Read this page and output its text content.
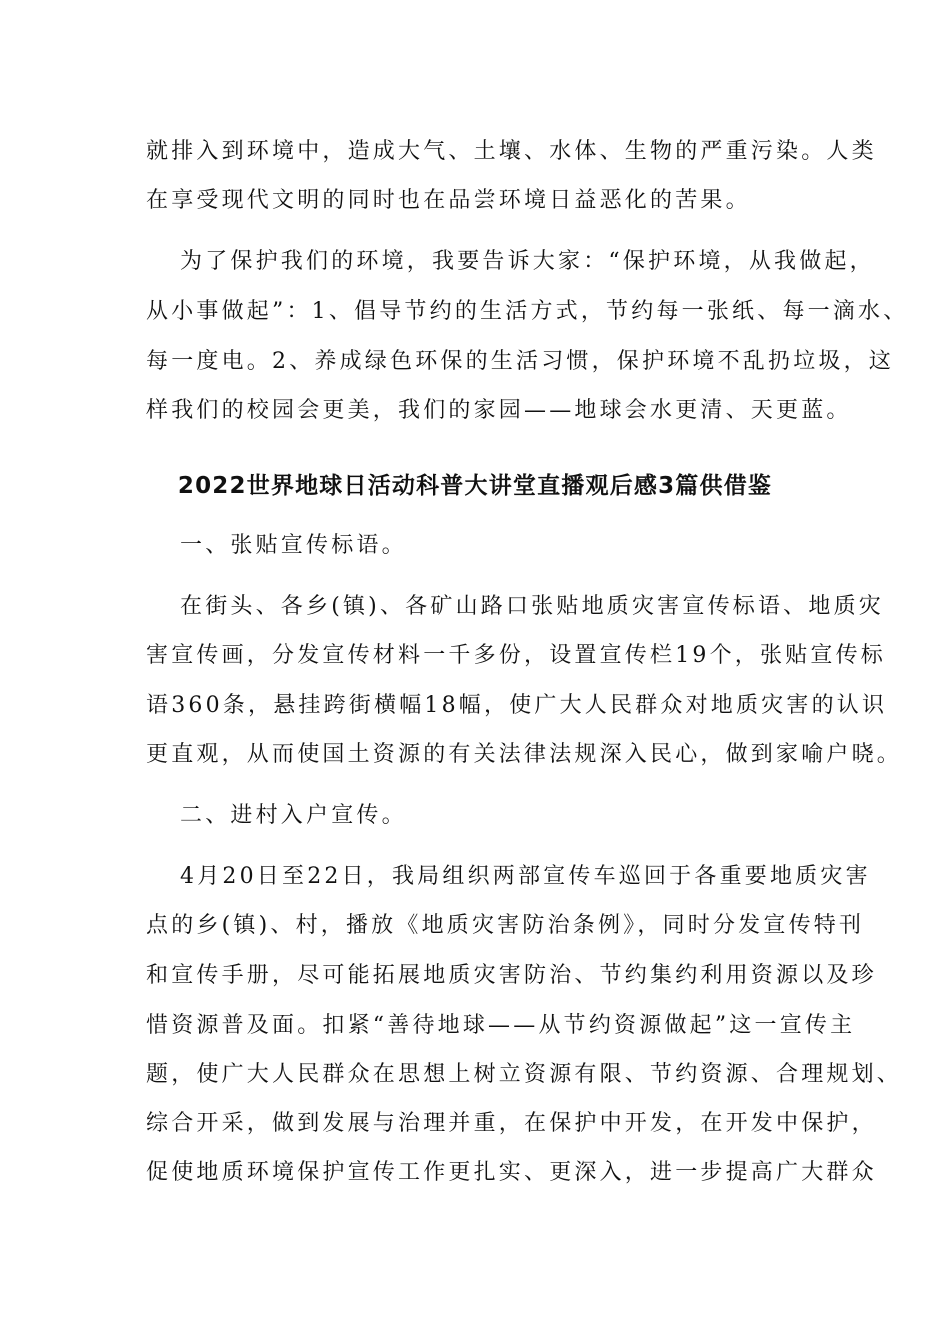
就排入到环境中，造成大气、土壤、水体、生物的严重污染。人类
在享受现代文明的同时也在品尝环境日益恶化的苦果。
为了保护我们的环境，我要告诉大家：“保护环境，从我做起，
从小事做起”：1、倡导节约的生活方式，节约每一张纸、每一滴水、
每一度电。2、养成绿色环保的生活习惯，保护环境不乱扔垃圾，这
样我们的校园会更美，我们的家园——地球会水更清、天更蓝。
2022世界地球日活动科普大讲堂直播观后感3篇供借鉴
一、张贴宣传标语。
在街头、各乡(镇)、各矿山路口张贴地质灾害宣传标语、地质灾
害宣传画，分发宣传材料一千多份，设置宣传栏19个，张贴宣传标
语360条，悬挂跨街横幅18幅，使广大人民群众对地质灾害的认识
更直观，从而使国土资源的有关法律法规深入民心，做到家喻户晓。
二、进村入户宣传。
4月20日至22日，我局组织两部宣传车巡回于各重要地质灾害
点的乡(镇)、村，播放《地质灾害防治条例》，同时分发宣传特刊
和宣传手册，尽可能拓展地质灾害防治、节约集约利用资源以及珍
惜资源普及面。扣紧“善待地球——从节约资源做起”这一宣传主
题，使广大人民群众在思想上树立资源有限、节约资源、合理规划、
综合开采，做到发展与治理并重，在保护中开发，在开发中保护，
促使地质环境保护宣传工作更扎实、更深入，进一步提高广大群众
